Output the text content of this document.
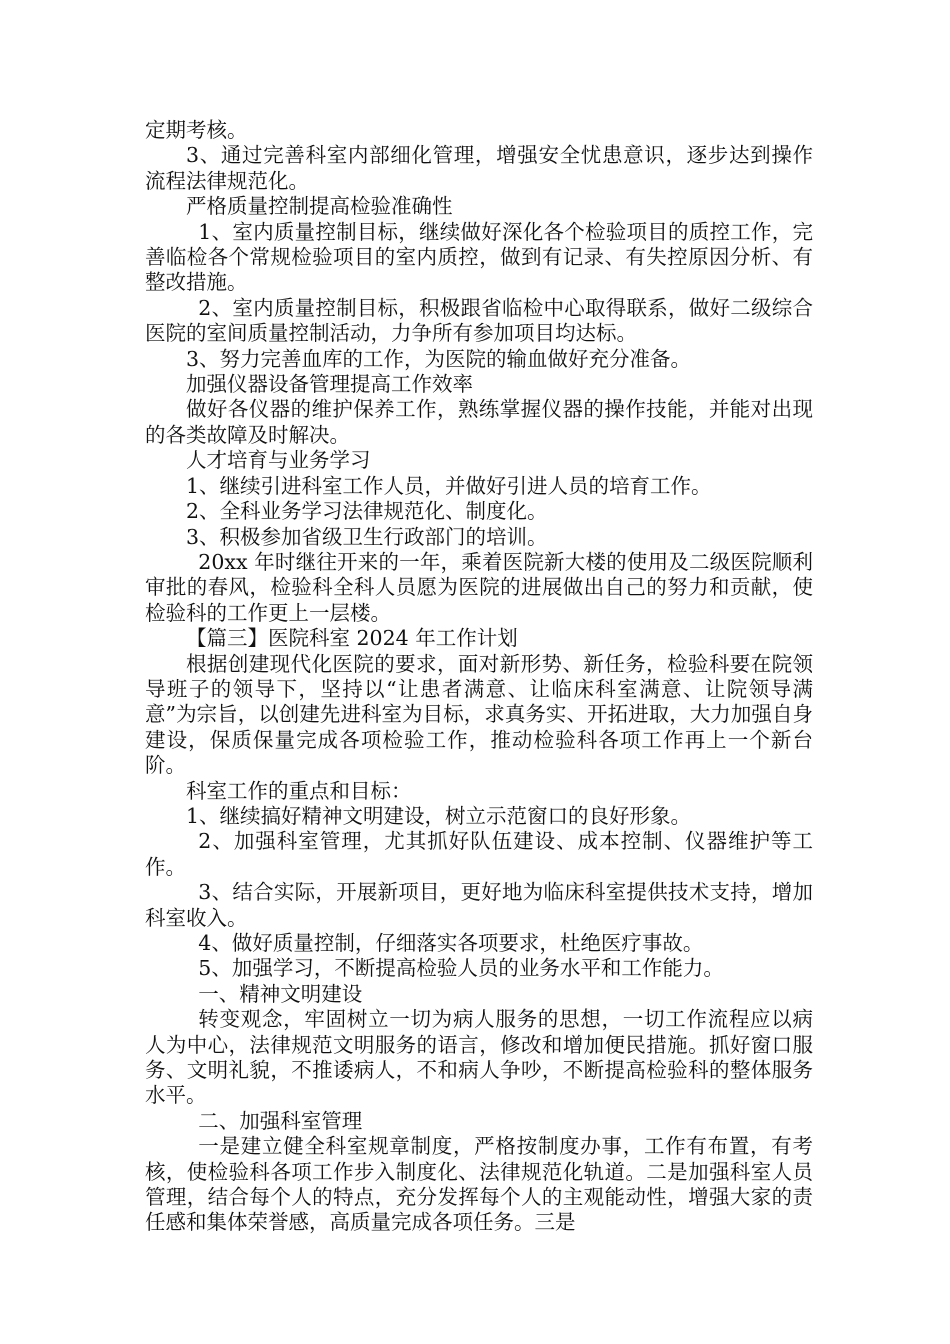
定期考核。

3、通过完善科室内部细化管理，增强安全忧患意识，逐步达到操作流程法律规范化。

严格质量控制提高检验准确性

1、室内质量控制目标，继续做好深化各个检验项目的质控工作，完善临检各个常规检验项目的室内质控，做到有记录、有失控原因分析、有整改措施。

2、室内质量控制目标，积极跟省临检中心取得联系，做好二级综合医院的室间质量控制活动，力争所有参加项目均达标。

3、努力完善血库的工作，为医院的输血做好充分准备。

加强仪器设备管理提高工作效率

做好各仪器的维护保养工作，熟练掌握仪器的操作技能，并能对出现的各类故障及时解决。

人才培育与业务学习

1、继续引进科室工作人员，并做好引进人员的培育工作。

2、全科业务学习法律规范化、制度化。

3、积极参加省级卫生行政部门的培训。

20xx 年时继往开来的一年，乘着医院新大楼的使用及二级医院顺利审批的春风，检验科全科人员愿为医院的进展做出自己的努力和贡献，使检验科的工作更上一层楼。

【篇三】医院科室 2024 年工作计划

根据创建现代化医院的要求，面对新形势、新任务，检验科要在院领导班子的领导下，坚持以“让患者满意、让临床科室满意、让院领导满意”为宗旨，以创建先进科室为目标，求真务实、开拓进取，大力加强自身建设，保质保量完成各项检验工作，推动检验科各项工作再上一个新台阶。

科室工作的重点和目标：

1、继续搞好精神文明建设，树立示范窗口的良好形象。

2、加强科室管理，尤其抓好队伍建设、成本控制、仪器维护等工作。

3、结合实际，开展新项目，更好地为临床科室提供技术支持，增加科室收入。

4、做好质量控制，仔细落实各项要求，杜绝医疗事故。

5、加强学习，不断提高检验人员的业务水平和工作能力。

一、精神文明建设

转变观念，牢固树立一切为病人服务的思想，一切工作流程应以病人为中心，法律规范文明服务的语言，修改和增加便民措施。抓好窗口服务、文明礼貌，不推诿病人，不和病人争吵，不断提高检验科的整体服务水平。

二、加强科室管理

一是建立健全科室规章制度，严格按制度办事，工作有布置，有考核，使检验科各项工作步入制度化、法律规范化轨道。二是加强科室人员管理，结合每个人的特点，充分发挥每个人的主观能动性，增强大家的责任感和集体荣誉感，高质量完成各项任务。三是
